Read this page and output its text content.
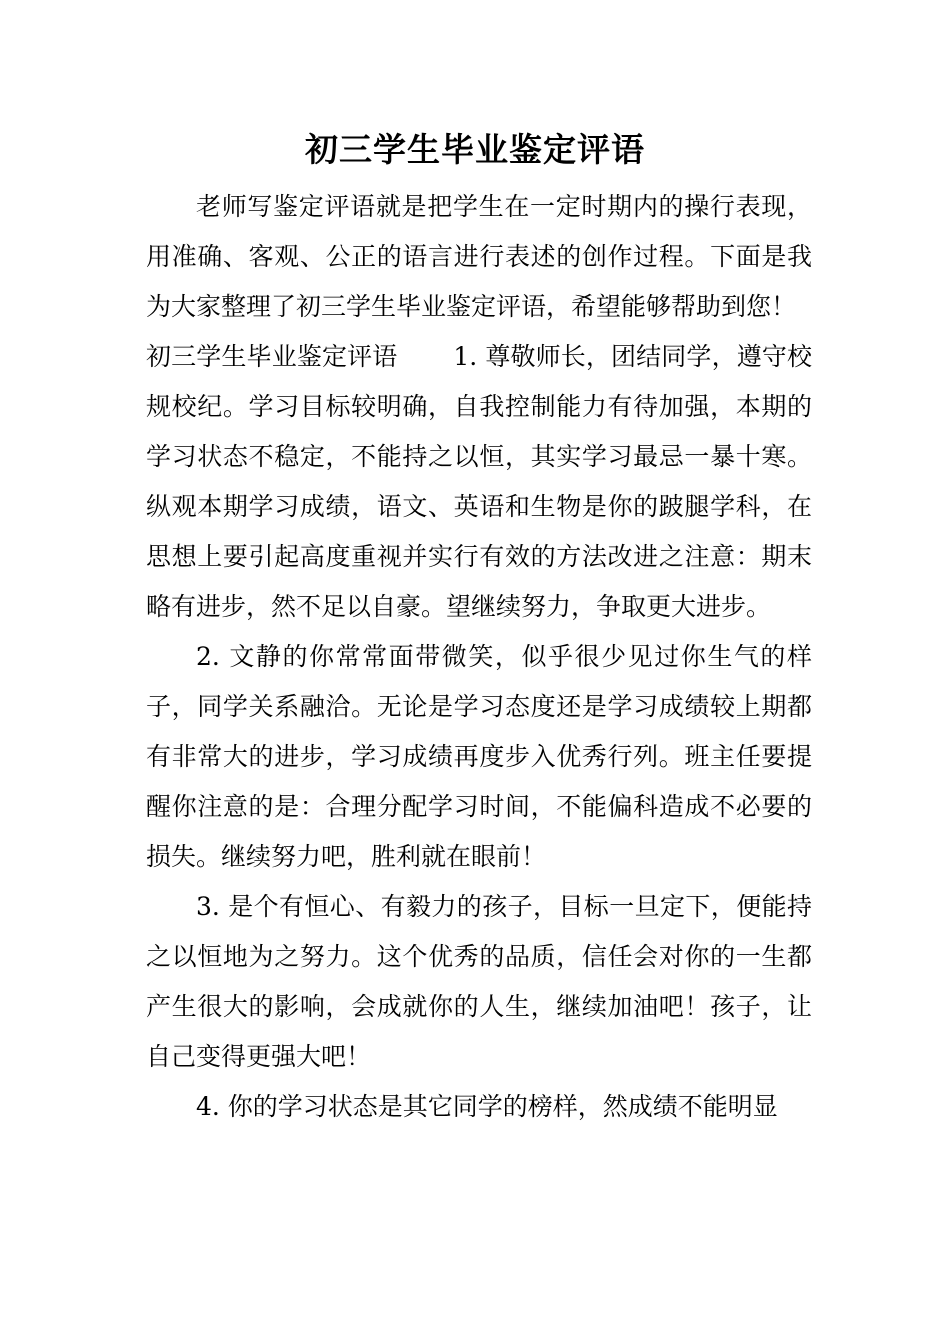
初三学生毕业鉴定评语

老师写鉴定评语就是把学生在一定时期内的操行表现，用准确、客观、公正的语言进行表述的创作过程。下面是我为大家整理了初三学生毕业鉴定评语，希望能够帮助到您！

初三学生毕业鉴定评语 1. 尊敬师长，团结同学，遵守校规校纪。学习目标较明确，自我控制能力有待加强，本期的学习状态不稳定，不能持之以恒，其实学习最忌一暴十寒。纵观本期学习成绩，语文、英语和生物是你的跛腿学科，在思想上要引起高度重视并实行有效的方法改进之注意：期末略有进步，然不足以自豪。望继续努力，争取更大进步。

2. 文静的你常常面带微笑，似乎很少见过你生气的样子，同学关系融洽。无论是学习态度还是学习成绩较上期都有非常大的进步，学习成绩再度步入优秀行列。班主任要提醒你注意的是：合理分配学习时间，不能偏科造成不必要的损失。继续努力吧，胜利就在眼前！

3. 是个有恒心、有毅力的孩子，目标一旦定下，便能持之以恒地为之努力。这个优秀的品质，信任会对你的一生都产生很大的影响，会成就你的人生，继续加油吧！孩子，让自己变得更强大吧！

4. 你的学习状态是其它同学的榜样，然成绩不能明显
